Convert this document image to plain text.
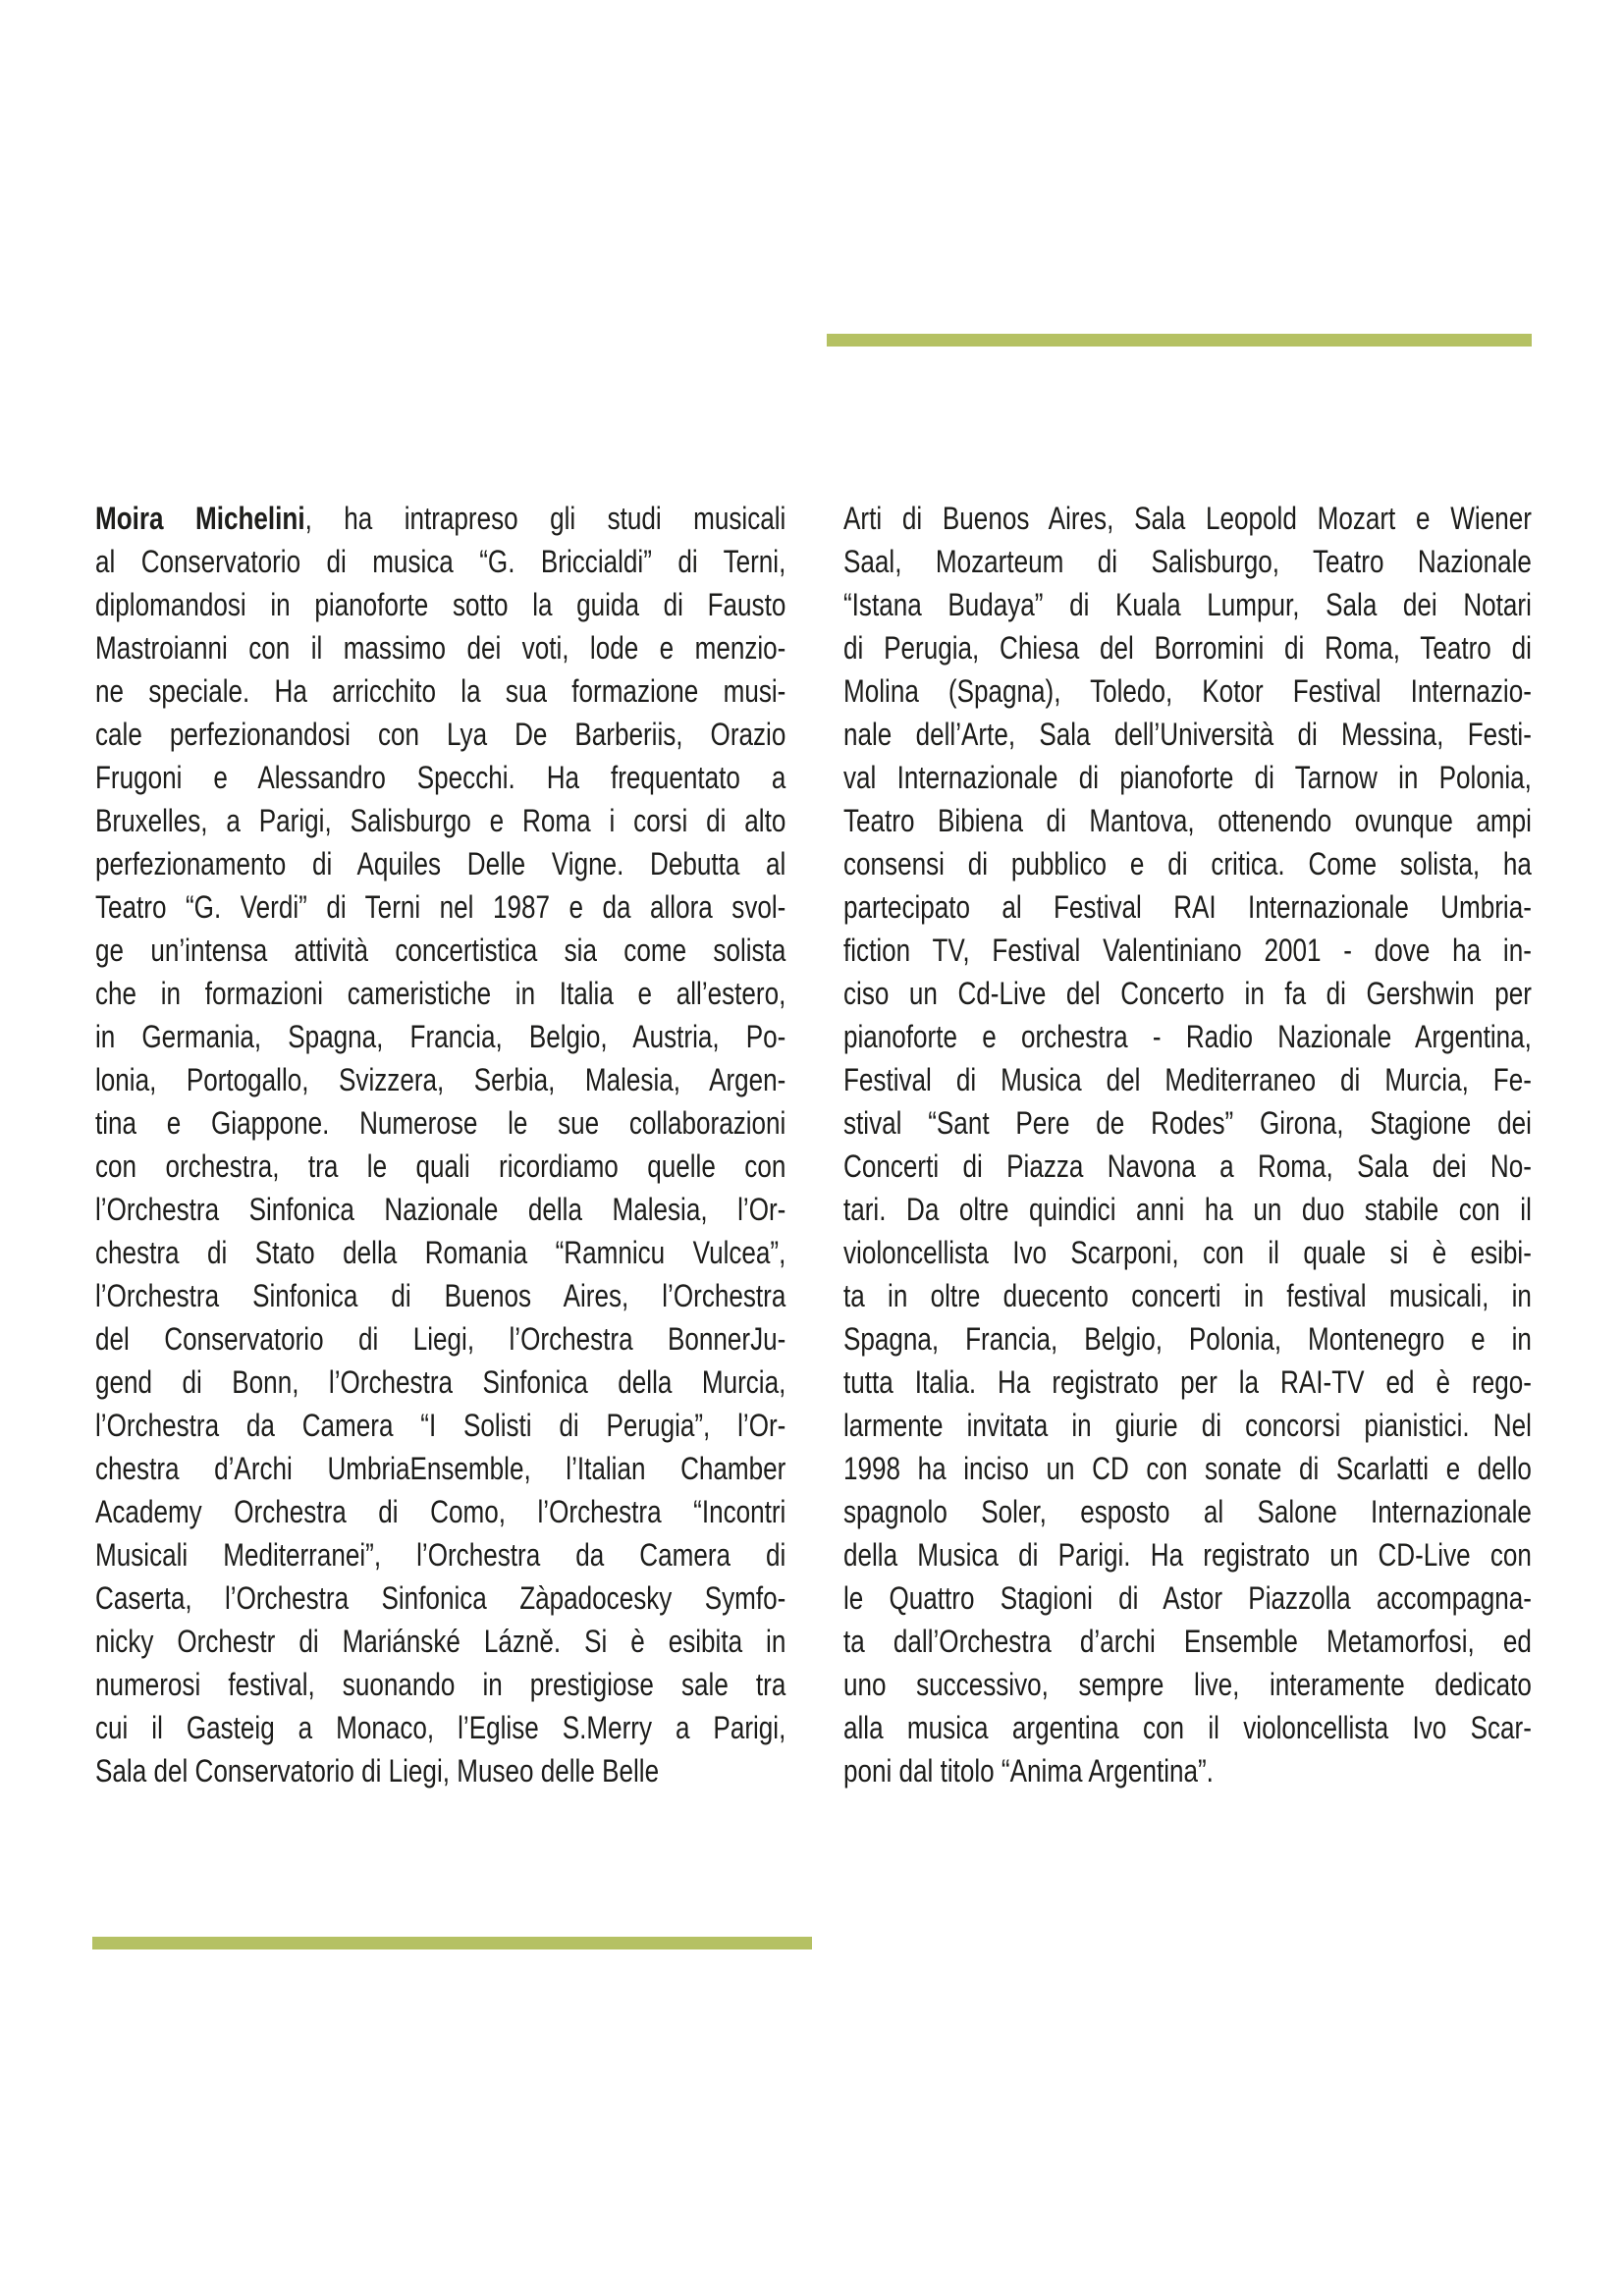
Moira Michelini, ha intrapreso gli studi musicali
al Conservatorio di musica “G. Briccialdi” di Terni,
diplomandosi in pianoforte sotto la guida di Fausto
Mastroianni con il massimo dei voti, lode e menzio-
ne speciale. Ha arricchito la sua formazione musi-
cale perfezionandosi con Lya De Barberiis, Orazio
Frugoni e Alessandro Specchi. Ha frequentato a
Bruxelles, a Parigi, Salisburgo e Roma i corsi di alto
perfezionamento di Aquiles Delle Vigne. Debutta al
Teatro “G. Verdi” di Terni nel 1987 e da allora svol-
ge un’intensa attività concertistica sia come solista
che in formazioni cameristiche in Italia e all’estero,
in Germania, Spagna, Francia, Belgio, Austria, Po-
lonia, Portogallo, Svizzera, Serbia, Malesia, Argen-
tina e Giappone. Numerose le sue collaborazioni
con orchestra, tra le quali ricordiamo quelle con
l’Orchestra Sinfonica Nazionale della Malesia, l’Or-
chestra di Stato della Romania “Ramnicu Vulcea”,
l’Orchestra Sinfonica di Buenos Aires, l’Orchestra
del Conservatorio di Liegi, l’Orchestra BonnerJu-
gend di Bonn, l’Orchestra Sinfonica della Murcia,
l’Orchestra da Camera “I Solisti di Perugia”, l’Or-
chestra d’Archi UmbriaEnsemble, l’Italian Chamber
Academy Orchestra di Como, l’Orchestra “Incontri
Musicali Mediterranei”, l’Orchestra da Camera di
Caserta, l’Orchestra Sinfonica Zàpadocesky Symfo-
nicky Orchestr di Mariánské Lázně. Si è esibita in
numerosi festival, suonando in prestigiose sale tra
cui il Gasteig a Monaco, l’Eglise S.Merry a Parigi,
Sala del Conservatorio di Liegi, Museo delle Belle
Arti di Buenos Aires, Sala Leopold Mozart e Wiener
Saal, Mozarteum di Salisburgo, Teatro Nazionale
“Istana Budaya” di Kuala Lumpur, Sala dei Notari
di Perugia, Chiesa del Borromini di Roma, Teatro di
Molina (Spagna), Toledo, Kotor Festival Internazio-
nale dell’Arte, Sala dell’Università di Messina, Festi-
val Internazionale di pianoforte di Tarnow in Polonia,
Teatro Bibiena di Mantova, ottenendo ovunque ampi
consensi di pubblico e di critica. Come solista, ha
partecipato al Festival RAI Internazionale Umbria-
fiction TV, Festival Valentiniano 2001 - dove ha in-
ciso un Cd-Live del Concerto in fa di Gershwin per
pianoforte e orchestra - Radio Nazionale Argentina,
Festival di Musica del Mediterraneo di Murcia, Fe-
stival “Sant Pere de Rodes” Girona, Stagione dei
Concerti di Piazza Navona a Roma, Sala dei No-
tari. Da oltre quindici anni ha un duo stabile con il
violoncellista Ivo Scarponi, con il quale si è esibi-
ta in oltre duecento concerti in festival musicali, in
Spagna, Francia, Belgio, Polonia, Montenegro e in
tutta Italia. Ha registrato per la RAI-TV ed è rego-
larmente invitata in giurie di concorsi pianistici. Nel
1998 ha inciso un CD con sonate di Scarlatti e dello
spagnolo Soler, esposto al Salone Internazionale
della Musica di Parigi. Ha registrato un CD-Live con
le Quattro Stagioni di Astor Piazzolla accompagna-
ta dall’Orchestra d’archi Ensemble Metamorfosi, ed
uno successivo, sempre live, interamente dedicato
alla musica argentina con il violoncellista Ivo Scar-
poni dal titolo “Anima Argentina”.
